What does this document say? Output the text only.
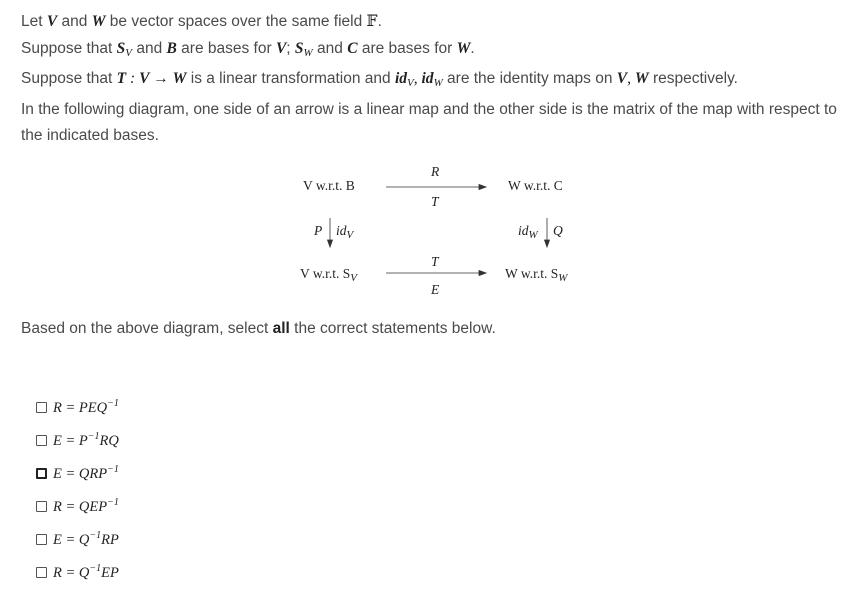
Let V and W be vector spaces over the same field 𝔽.

Suppose that $S_V$ and B are bases for V; $S_W$ and C are bases for W.

Suppose that T : V → W is a linear transformation and $id_V$, $id_W$ are the identity maps on V, W respectively.

In the following diagram, one side of an arrow is a linear map and the other side is the matrix of the map with respect to the indicated bases.

V w.r.t. B	W w.r.t. C
V w.r.t. $S_V$	W w.r.t. $S_W$
R
T
T
E
P $id_V$	$id_W$ Q
Based on the above diagram, select all the correct statements below.
$R = PEQ^{-1}$
$E = P^{-1}RQ$
$E = QRP^{-1}$
$R = QEP^{-1}$
$E = Q^{-1}RP$
$R = Q^{-1}EP$
